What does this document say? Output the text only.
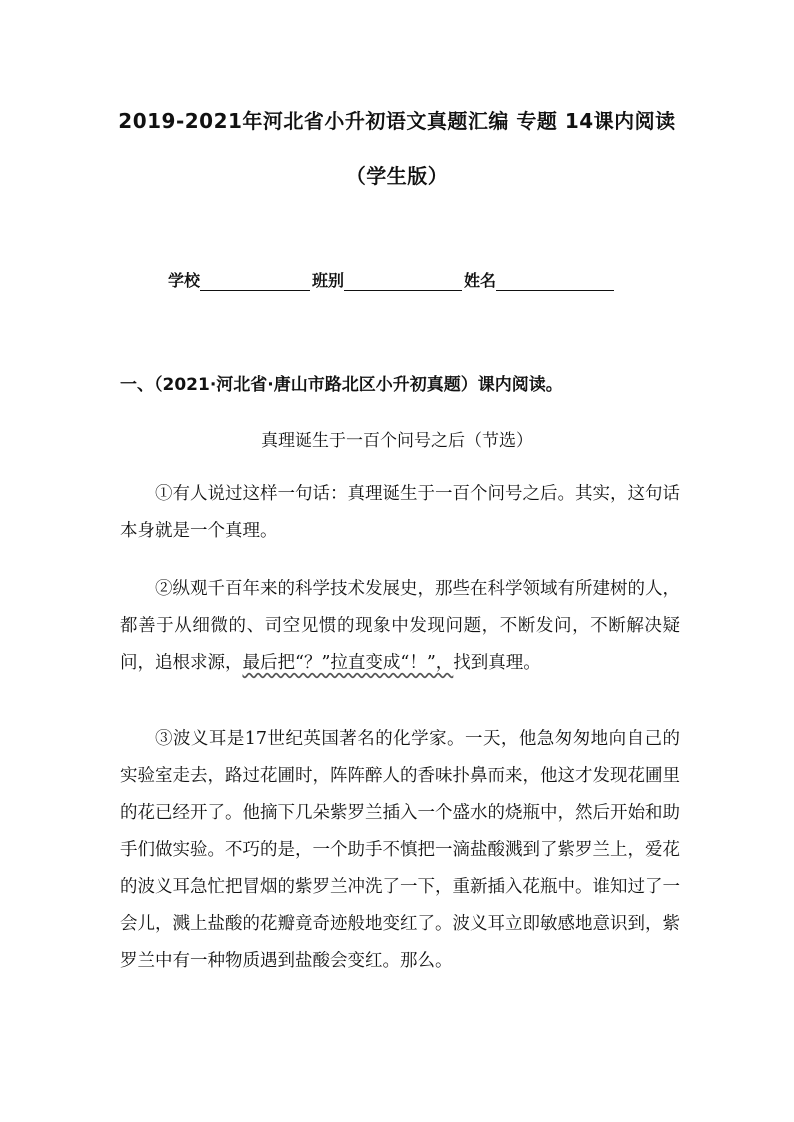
2019-2021年河北省小升初语文真题汇编 专题 14课内阅读
（学生版）
学校	班别	姓名
一、（2021·河北省·唐山市路北区小升初真题）课内阅读。
真理诞生于一百个问号之后（节选）

①有人说过这样一句话：真理诞生于一百个问号之后。其实，这句话本身就是一个真理。

②纵观千百年来的科学技术发展史，那些在科学领域有所建树的人，都善于从细微的、司空见惯的现象中发现问题，不断发问，不断解决疑问，追根求源，最后把“？”拉直变成“！”，找到真理。

③波义耳是17世纪英国著名的化学家。一天，他急匆匆地向自己的实验室走去，路过花圃时，阵阵醉人的香味扑鼻而来，他这才发现花圃里的花已经开了。他摘下几朵紫罗兰插入一个盛水的烧瓶中，然后开始和助手们做实验。不巧的是，一个助手不慎把一滴盐酸溅到了紫罗兰上，爱花的波义耳急忙把冒烟的紫罗兰冲洗了一下，重新插入花瓶中。谁知过了一会儿，溅上盐酸的花瓣竟奇迹般地变红了。波义耳立即敏感地意识到，紫罗兰中有一种物质遇到盐酸会变红。那么。
